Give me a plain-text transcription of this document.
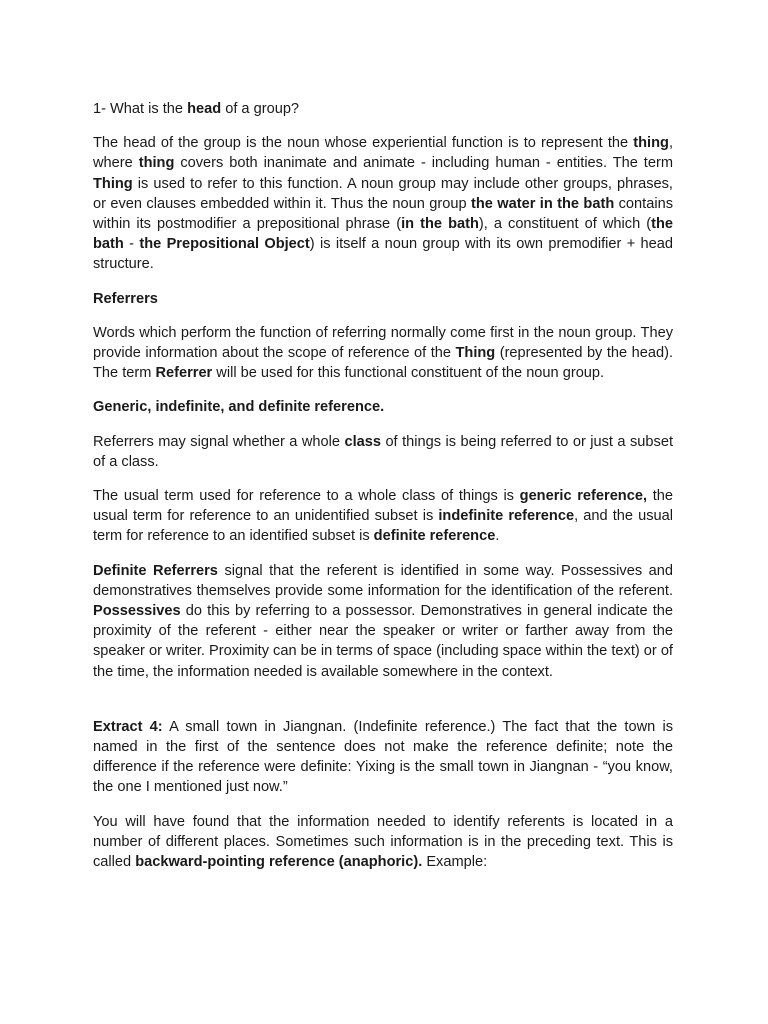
1- What is the head of a group?

The head of the group is the noun whose experiential function is to represent the thing, where thing covers both inanimate and animate - including human - entities. The term Thing is used to refer to this function. A noun group may include other groups, phrases, or even clauses embedded within it. Thus the noun group the water in the bath contains within its postmodifier a prepositional phrase (in the bath), a constituent of which (the bath - the Prepositional Object) is itself a noun group with its own premodifier + head structure.

Referrers

Words which perform the function of referring normally come first in the noun group. They provide information about the scope of reference of the Thing (represented by the head). The term Referrer will be used for this functional constituent of the noun group.

Generic, indefinite, and definite reference.

Referrers may signal whether a whole class of things is being referred to or just a subset of a class.

The usual term used for reference to a whole class of things is generic reference, the usual term for reference to an unidentified subset is indefinite reference, and the usual term for reference to an identified subset is definite reference.

Definite Referrers signal that the referent is identified in some way. Possessives and demonstratives themselves provide some information for the identification of the referent. Possessives do this by referring to a possessor. Demonstratives in general indicate the proximity of the referent - either near the speaker or writer or farther away from the speaker or writer. Proximity can be in terms of space (including space within the text) or of the time, the information needed is available somewhere in the context.

Extract 4: A small town in Jiangnan. (Indefinite reference.) The fact that the town is named in the first of the sentence does not make the reference definite; note the difference if the reference were definite: Yixing is the small town in Jiangnan - “you know, the one I mentioned just now.”

You will have found that the information needed to identify referents is located in a number of different places. Sometimes such information is in the preceding text. This is called backward-pointing reference (anaphoric). Example:
